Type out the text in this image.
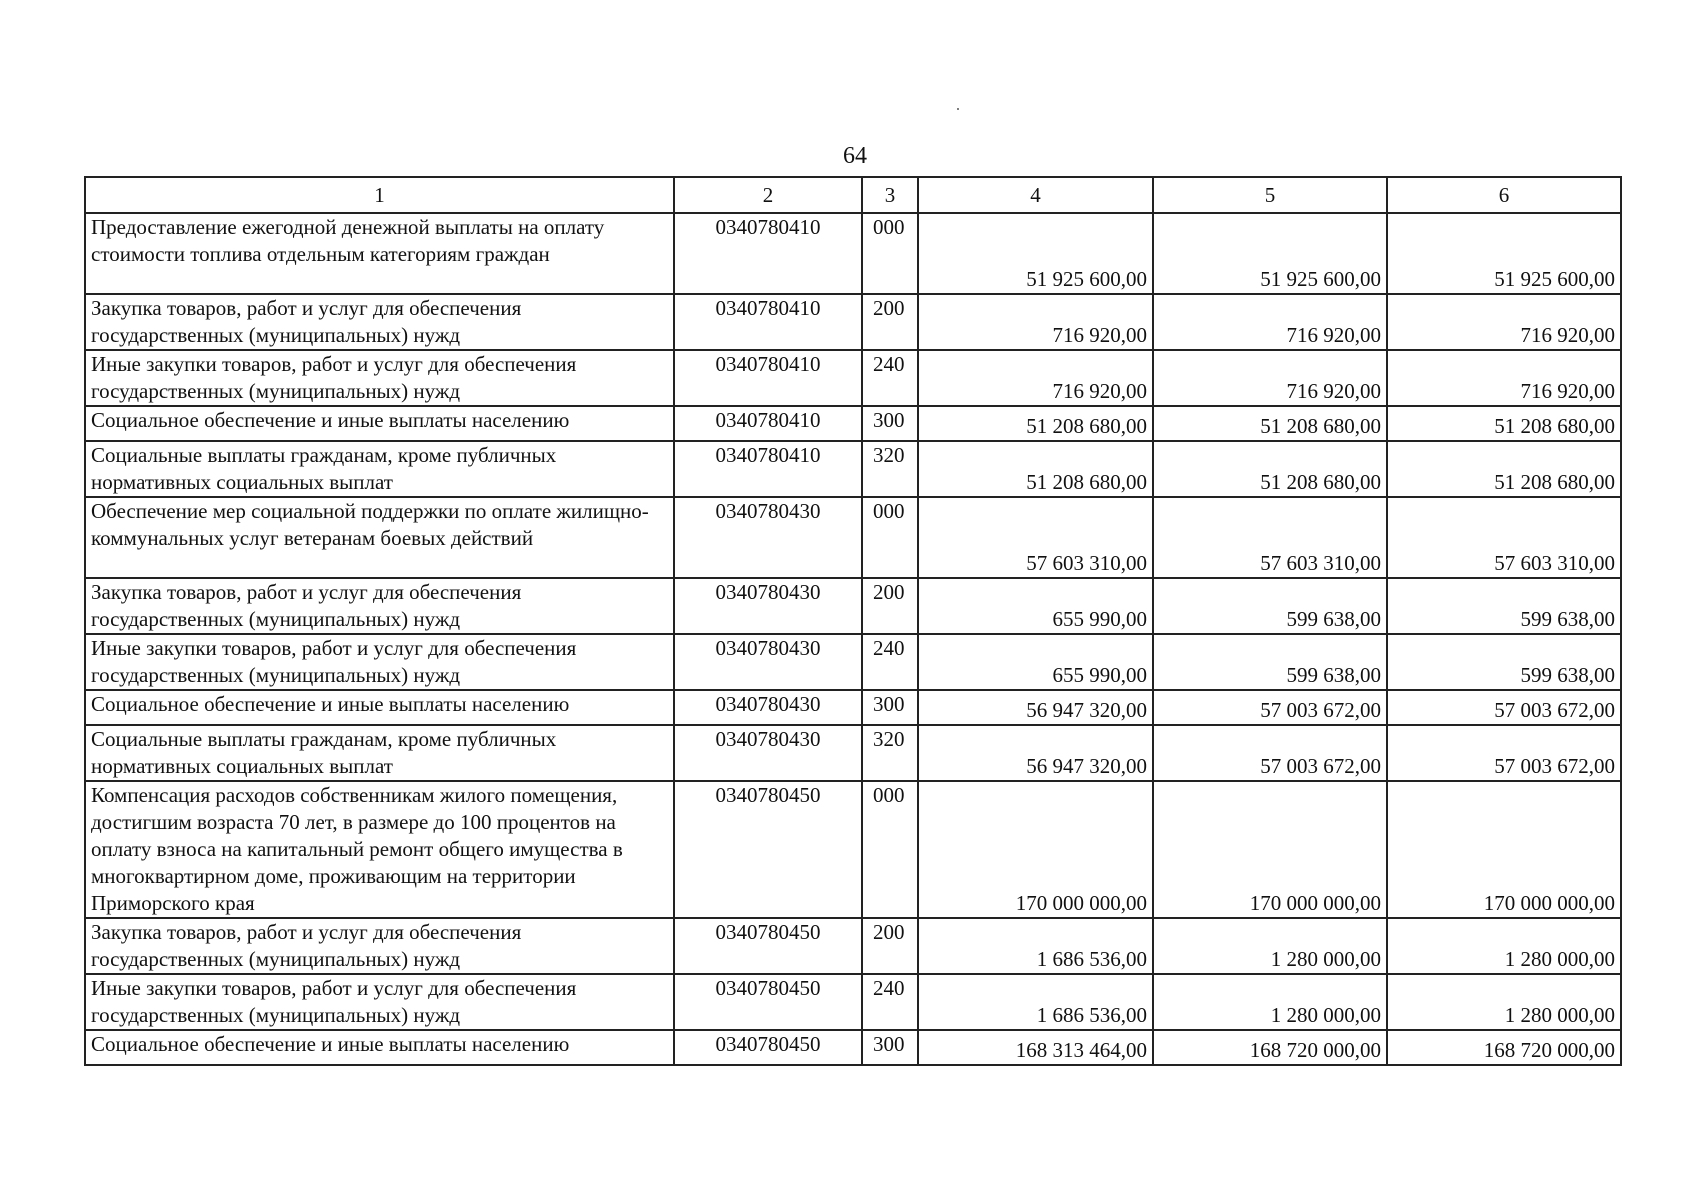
64
1	2	3	4	5	6
Предоставление ежегодной денежной выплаты на оплату стоимости топлива отдельным категориям граждан	0340780410	000	51 925 600,00	51 925 600,00	51 925 600,00
Закупка товаров, работ и услуг для обеспечения государственных (муниципальных) нужд	0340780410	200	716 920,00	716 920,00	716 920,00
Иные закупки товаров, работ и услуг для обеспечения государственных (муниципальных) нужд	0340780410	240	716 920,00	716 920,00	716 920,00
Социальное обеспечение и иные выплаты населению	0340780410	300	51 208 680,00	51 208 680,00	51 208 680,00
Социальные выплаты гражданам, кроме публичных нормативных социальных выплат	0340780410	320	51 208 680,00	51 208 680,00	51 208 680,00
Обеспечение мер социальной поддержки по оплате жилищно-коммунальных услуг ветеранам боевых действий	0340780430	000	57 603 310,00	57 603 310,00	57 603 310,00
Закупка товаров, работ и услуг для обеспечения государственных (муниципальных) нужд	0340780430	200	655 990,00	599 638,00	599 638,00
Иные закупки товаров, работ и услуг для обеспечения государственных (муниципальных) нужд	0340780430	240	655 990,00	599 638,00	599 638,00
Социальное обеспечение и иные выплаты населению	0340780430	300	56 947 320,00	57 003 672,00	57 003 672,00
Социальные выплаты гражданам, кроме публичных нормативных социальных выплат	0340780430	320	56 947 320,00	57 003 672,00	57 003 672,00
Компенсация расходов собственникам жилого помещения, достигшим возраста 70 лет, в размере до 100 процентов на оплату взноса на капитальный ремонт общего имущества в многоквартирном доме, проживающим на территории Приморского края	0340780450	000	170 000 000,00	170 000 000,00	170 000 000,00
Закупка товаров, работ и услуг для обеспечения государственных (муниципальных) нужд	0340780450	200	1 686 536,00	1 280 000,00	1 280 000,00
Иные закупки товаров, работ и услуг для обеспечения государственных (муниципальных) нужд	0340780450	240	1 686 536,00	1 280 000,00	1 280 000,00
Социальное обеспечение и иные выплаты населению	0340780450	300	168 313 464,00	168 720 000,00	168 720 000,00
